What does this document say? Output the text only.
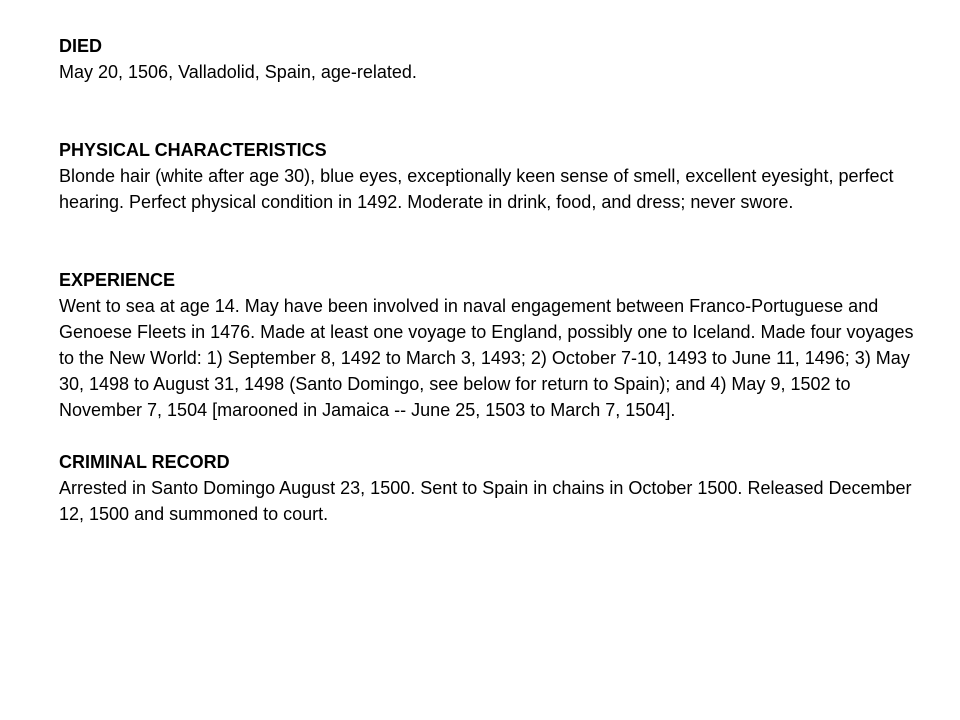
DIED

May 20, 1506, Valladolid, Spain, age-related.

PHYSICAL CHARACTERISTICS

Blonde hair (white after age 30), blue eyes, exceptionally keen sense of smell, excellent eyesight, perfect hearing. Perfect physical condition in 1492. Moderate in drink, food, and dress; never swore.

EXPERIENCE

Went to sea at age 14. May have been involved in naval engagement between Franco-Portuguese and Genoese Fleets in 1476. Made at least one voyage to England, possibly one to Iceland. Made four voyages to the New World: 1) September 8, 1492 to March 3, 1493; 2) October 7-10, 1493 to June 11, 1496; 3) May 30, 1498 to August 31, 1498 (Santo Domingo, see below for return to Spain); and 4) May 9, 1502 to November 7, 1504 [marooned in Jamaica -- June 25, 1503 to March 7, 1504].

CRIMINAL RECORD

Arrested in Santo Domingo August 23, 1500. Sent to Spain in chains in October 1500. Released December 12, 1500 and summoned to court.
